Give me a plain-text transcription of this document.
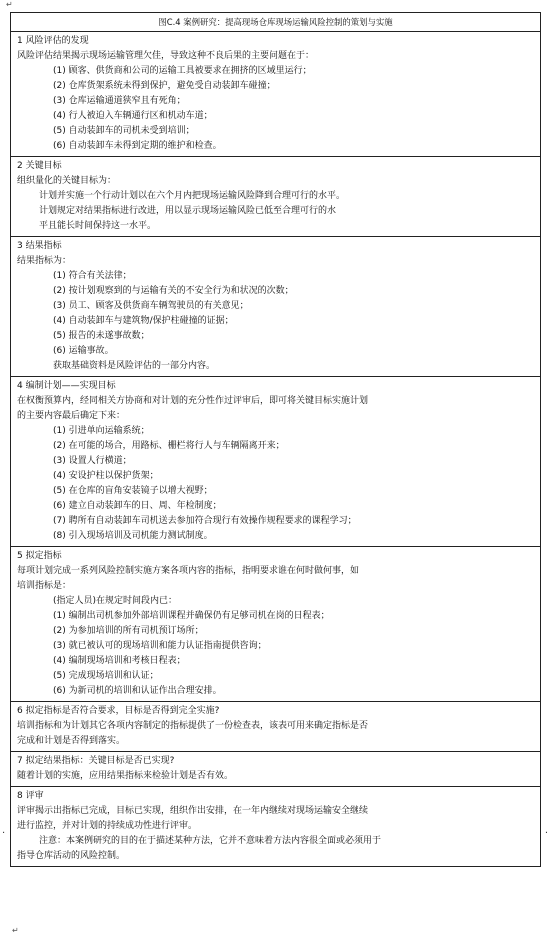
↵
图C.4 案例研究：提高现场仓库现场运输风险控制的策划与实施
1 风险评估的发现
风险评估结果揭示现场运输管理欠佳，导致这种不良后果的主要问题在于：
(1) 顾客、供货商和公司的运输工具被要求在拥挤的区域里运行；
(2) 仓库货架系统未得到保护，避免受自动装卸车碰撞；
(3) 仓库运输通道狭窄且有死角；
(4) 行人被迫入车辆通行区和机动车道；
(5) 自动装卸车的司机未受到培训；
(6) 自动装卸车未得到定期的维护和检查。
2 关键目标
组织量化的关键目标为：
计划并实施一个行动计划以在六个月内把现场运输风险降到合理可行的水平。
计划规定对结果指标进行改进，用以显示现场运输风险已低至合理可行的水
平且能长时间保持这一水平。
3 结果指标
结果指标为：
(1) 符合有关法律；
(2) 按计划观察到的与运输有关的不安全行为和状况的次数；
(3) 员工、顾客及供货商车辆驾驶员的有关意见；
(4) 自动装卸车与建筑物/保护柱碰撞的证据；
(5) 报告的未遂事故数；
(6) 运输事故。
获取基础资料是风险评估的一部分内容。
4 编制计划——实现目标
在权衡预算内，经同相关方协商和对计划的充分性作过评审后，即可将关键目标实施计划
的主要内容最后确定下来：
(1) 引进单向运输系统；
(2) 在可能的场合，用路标、栅栏将行人与车辆隔离开来；
(3) 设置人行横道；
(4) 安设护柱以保护货架；
(5) 在仓库的盲角安装镜子以增大视野；
(6) 建立自动装卸车的日、周、年检制度；
(7) 聘所有自动装卸车司机送去参加符合现行有效操作规程要求的课程学习；
(8) 引入现场培训及司机能力测试制度。
5 拟定指标
每项计划完成一系列风险控制实施方案各项内容的指标，指明要求谁在何时做何事，如
培训指标是：
(指定人员)在规定时间段内已：
(1) 编制出司机参加外部培训课程并确保仍有足够司机在岗的日程表；
(2) 为参加培训的所有司机预订场所；
(3) 就已被认可的现场培训和能力认证指南提供咨询；
(4) 编制现场培训和考核日程表；
(5) 完成现场培训和认证；
(6) 为新司机的培训和认证作出合理安排。
6 拟定指标是否符合要求，目标是否得到完全实施?
培训指标和为计划其它各项内容制定的指标提供了一份检查表，该表可用来确定指标是否
完成和计划是否得到落实。
7 拟定结果指标：关键目标是否已实现?
随着计划的实施，应用结果指标来检验计划是否有效。
8 评审
评审揭示出指标已完成，目标已实现，组织作出安排，在一年内继续对现场运输安全继续
进行监控，并对计划的持续成功性进行评审。
注意：本案例研究的目的在于描述某种方法，它并不意味着方法内容很全面或必须用于
指导仓库活动的风险控制。
·	·
↵
